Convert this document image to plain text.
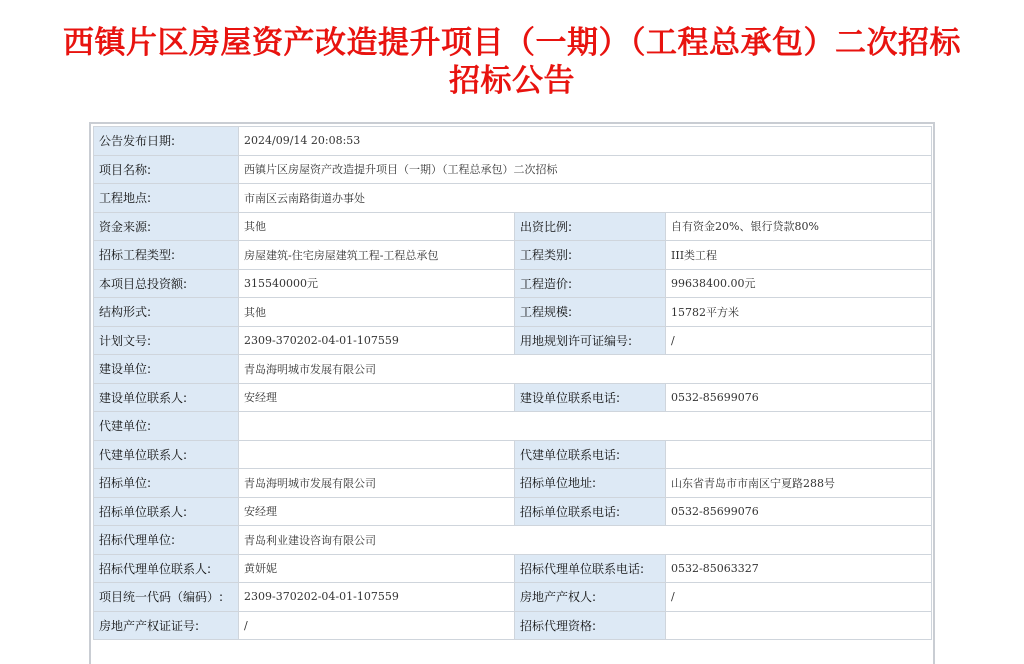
西镇片区房屋资产改造提升项目（一期）（工程总承包）二次招标
招标公告
公告发布日期:	2024/09/14 20:08:53		
项目名称:	西镇片区房屋资产改造提升项目（一期）（工程总承包）二次招标		
工程地点:	市南区云南路街道办事处		
资金来源:	其他	出资比例:	自有资金20%、银行贷款80%
招标工程类型:	房屋建筑-住宅房屋建筑工程-工程总承包	工程类别:	III类工程
本项目总投资额:	315540000元	工程造价:	99638400.00元
结构形式:	其他	工程规模:	15782平方米
计划文号:	2309-370202-04-01-107559	用地规划许可证编号:	/
建设单位:	青岛海明城市发展有限公司		
建设单位联系人:	安经理	建设单位联系电话:	0532-85699076
代建单位:			
代建单位联系人:		代建单位联系电话:	
招标单位:	青岛海明城市发展有限公司	招标单位地址:	山东省青岛市市南区宁夏路288号
招标单位联系人:	安经理	招标单位联系电话:	0532-85699076
招标代理单位:	青岛利业建设咨询有限公司		
招标代理单位联系人:	黄妍妮	招标代理单位联系电话:	0532-85063327
项目统一代码（编码）:	2309-370202-04-01-107559	房地产产权人:	/
房地产产权证证号:	/	招标代理资格:	
